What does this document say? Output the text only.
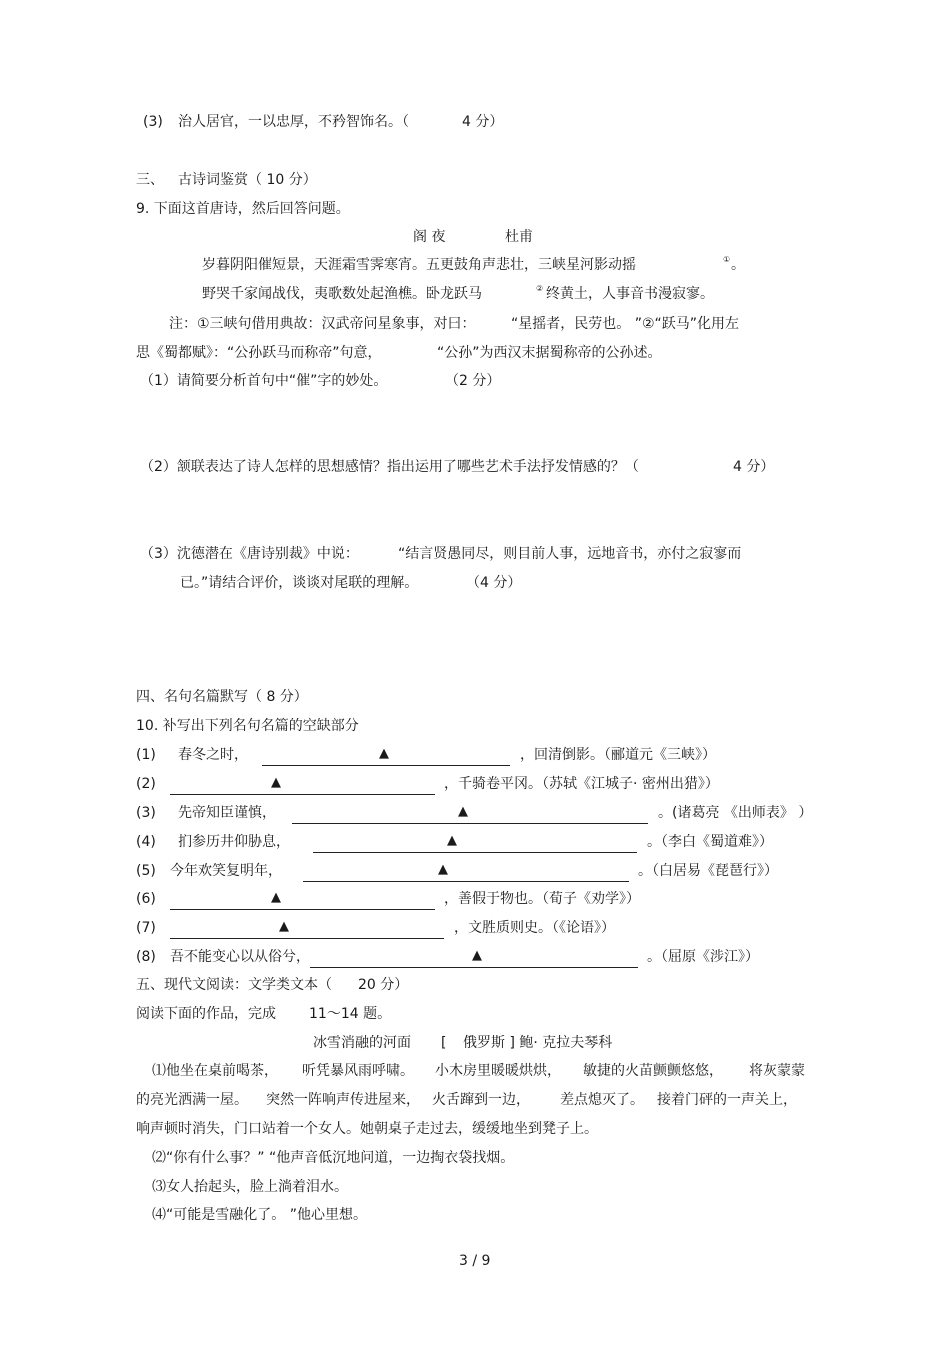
(3) 治人居官，一以忠厚，不矜智饰名。（	4 分）
三、 古诗词鉴赏（ 10 分）
9. 下面这首唐诗，然后回答问题。
阁 夜	杜甫
岁暮阴阳催短景，天涯霜雪霁寒宵。五更鼓角声悲壮，三峡星河影动摇	① 。
野哭千家闻战伐，夷歌数处起渔樵。卧龙跃马	② 终黄土，人事音书漫寂寥。
注：①三峡句借用典故：汉武帝问星象事，对曰：	“星摇者，民劳也。 ”②“跃马”化用左
思《蜀都赋》：“公孙跃马而称帝”句意，	“公孙”为西汉末据蜀称帝的公孙述。
（1）请简要分析首句中“催”字的妙处。	（2 分）
（2）颔联表达了诗人怎样的思想感情？指出运用了哪些艺术手法抒发情感的？（	4 分）
（3）沈德潜在《唐诗别裁》中说：	“结言贤愚同尽，则目前人事，远地音书，亦付之寂寥而
已。”请结合评价，谈谈对尾联的理解。	（4 分）
四、名句名篇默写（ 8 分）
10. 补写出下列名句名篇的空缺部分
(1) 春冬之时，	▲	，回清倒影。（郦道元《三峡》）
(2)	▲	，千骑卷平冈。（苏轼《江城子· 密州出猎》）
(3) 先帝知臣谨慎，	▲	。(诸葛亮 《出师表》 ）
(4) 扪参历井仰胁息，	▲	。（李白《蜀道难》）
(5) 今年欢笑复明年，	▲	。（白居易《琵琶行》）
(6)	▲	，善假于物也。（荀子《劝学》）
(7)	▲	，文胜质则史。（《论语》）
(8) 吾不能变心以从俗兮，	▲	。（屈原《涉江》）
五、现代文阅读：文学类文本（ 20 分）
阅读下面的作品，完成 11～14 题。
冰雪消融的河面 [ 俄罗斯 ] 鲍· 克拉夫琴科
⑴他坐在桌前喝茶， 听凭暴风雨呼啸。 小木房里暖暖烘烘， 敏捷的火苗颤颤悠悠， 将灰蒙蒙
的亮光洒满一屋。 突然一阵响声传进屋来， 火舌蹿到一边， 差点熄灭了。 接着门砰的一声关上，
响声顿时消失，门口站着一个女人。她朝桌子走过去，缓缓地坐到凳子上。
⑵“你有什么事？” “他声音低沉地问道，一边掏衣袋找烟。
⑶女人抬起头，脸上淌着泪水。
⑷“可能是雪融化了。 ”他心里想。
3 / 9
